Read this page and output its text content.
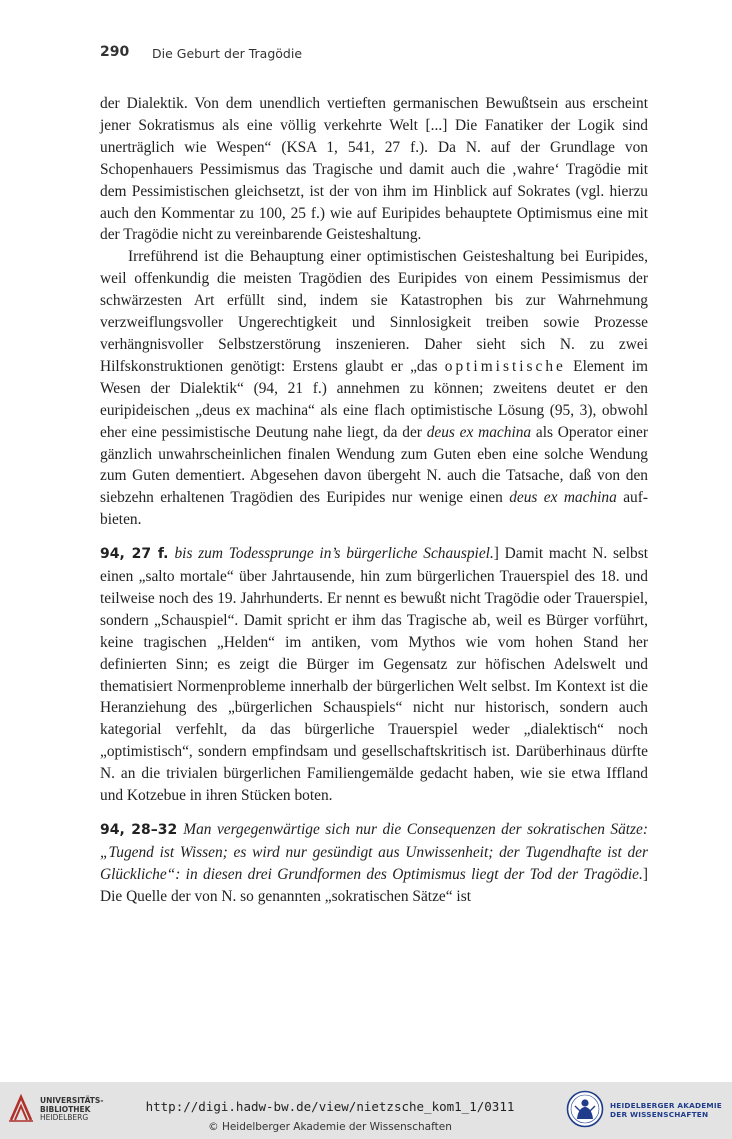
290 Die Geburt der Tragödie

der Dialektik. Von dem unendlich vertieften germanischen Bewußtsein aus erscheint jener Sokratismus als eine völlig verkehrte Welt [...] Die Fanatiker der Logik sind unerträglich wie Wespen“ (KSA 1, 541, 27 f.). Da N. auf der Grundlage von Schopenhauers Pessimismus das Tragische und damit auch die ‚wahre‘ Tragödie mit dem Pessimistischen gleichsetzt, ist der von ihm im Hinblick auf Sokrates (vgl. hierzu auch den Kommentar zu 100, 25 f.) wie auf Euripides behauptete Optimismus eine mit der Tragödie nicht zu vereinbarende Geisteshaltung.

Irreführend ist die Behauptung einer optimistischen Geisteshaltung bei Euripides, weil offenkundig die meisten Tragödien des Euripides von einem Pessimismus der schwärzesten Art erfüllt sind, indem sie Katastrophen bis zur Wahrnehmung verzweiflungsvoller Ungerechtigkeit und Sinnlosigkeit treiben sowie Prozesse verhängnisvoller Selbstzerstörung inszenieren. Daher sieht sich N. zu zwei Hilfskonstruktionen genötigt: Erstens glaubt er „das optimistische Element im Wesen der Dialektik“ (94, 21 f.) annehmen zu können; zweitens deutet er den euripideischen „deus ex machina“ als eine flach optimistische Lösung (95, 3), obwohl eher eine pessimistische Deutung nahe liegt, da der deus ex machina als Operator einer gänzlich unwahrscheinlichen finalen Wendung zum Guten eben eine solche Wendung zum Guten dementiert. Abgesehen davon übergeht N. auch die Tatsache, daß von den siebzehn erhaltenen Tragödien des Euripides nur wenige einen deus ex machina aufbieten.

94, 27 f. bis zum Todessprunge in’s bürgerliche Schauspiel.] Damit macht N. selbst einen „salto mortale“ über Jahrtausende, hin zum bürgerlichen Trauerspiel des 18. und teilweise noch des 19. Jahrhunderts. Er nennt es bewußt nicht Tragödie oder Trauerspiel, sondern „Schauspiel“. Damit spricht er ihm das Tragische ab, weil es Bürger vorführt, keine tragischen „Helden“ im antiken, vom Mythos wie vom hohen Stand her definierten Sinn; es zeigt die Bürger im Gegensatz zur höfischen Adelswelt und thematisiert Normenprobleme innerhalb der bürgerlichen Welt selbst. Im Kontext ist die Heranziehung des „bürgerlichen Schauspiels“ nicht nur historisch, sondern auch kategorial verfehlt, da das bürgerliche Trauerspiel weder „dialektisch“ noch „optimistisch“, sondern empfindsam und gesellschaftskritisch ist. Darüberhinaus dürfte N. an die trivialen bürgerlichen Familiengemälde gedacht haben, wie sie etwa Iffland und Kotzebue in ihren Stücken boten.

94, 28–32 Man vergegenwärtige sich nur die Consequenzen der sokratischen Sätze: „Tugend ist Wissen; es wird nur gesündigt aus Unwissenheit; der Tugendhafte ist der Glückliche“: in diesen drei Grundformen des Optimismus liegt der Tod der Tragödie.] Die Quelle der von N. so genannten „sokratischen Sätze“ ist

UNIVERSITÄTS-
BIBLIOTHEK
HEIDELBERG
http://digi.hadw-bw.de/view/nietzsche_kom1_1/0311
© Heidelberger Akademie der Wissenschaften
HEIDELBERGER AKADEMIE
DER WISSENSCHAFTEN
